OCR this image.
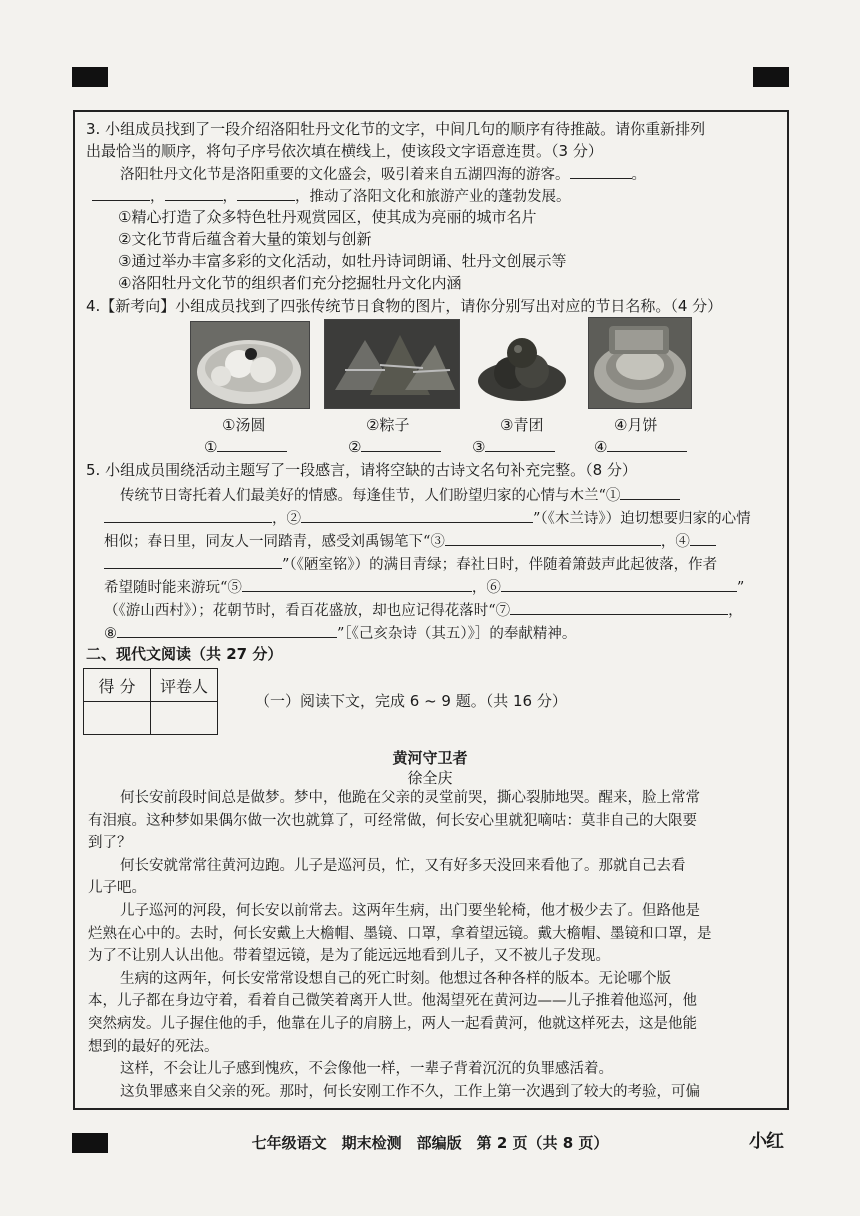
3. 小组成员找到了一段介绍洛阳牡丹文化节的文字，中间几句的顺序有待推敲。请你重新排列
出最恰当的顺序，将句子序号依次填在横线上，使该段文字语意连贯。（3 分）
洛阳牡丹文化节是洛阳重要的文化盛会，吸引着来自五湖四海的游客。	。
，	，	，推动了洛阳文化和旅游产业的蓬勃发展。
①精心打造了众多特色牡丹观赏园区，使其成为亮丽的城市名片
②文化节背后蕴含着大量的策划与创新
③通过举办丰富多彩的文化活动，如牡丹诗词朗诵、牡丹文创展示等
④洛阳牡丹文化节的组织者们充分挖掘牡丹文化内涵
4.【新考向】小组成员找到了四张传统节日食物的图片，请你分别写出对应的节日名称。（4 分）
①汤圆	②粽子	③青团	④月饼
①	②	③	④
5. 小组成员围绕活动主题写了一段感言，请将空缺的古诗文名句补充完整。（8 分）
传统节日寄托着人们最美好的情感。每逢佳节，人们盼望归家的心情与木兰“①
，②	”（《木兰诗》）迫切想要归家的心情
相似；春日里，同友人一同踏青，感受刘禹锡笔下“③	，④
”（《陋室铭》）的满目青绿；春社日时，伴随着箫鼓声此起彼落，作者
希望随时能来游玩“⑤	，⑥	”
（《游山西村》）；花朝节时，看百花盛放，却也应记得花落时“⑦	，
⑧	”［《己亥杂诗（其五）》］的奉献精神。
二、现代文阅读（共 27 分）
得 分	评卷人

（一）阅读下文，完成 6 ~ 9 题。（共 16 分）
黄河守卫者
徐全庆
何长安前段时间总是做梦。梦中，他跪在父亲的灵堂前哭，撕心裂肺地哭。醒来，脸上常常
有泪痕。这种梦如果偶尔做一次也就算了，可经常做，何长安心里就犯嘀咕：莫非自己的大限要
到了？
何长安就常常往黄河边跑。儿子是巡河员，忙，又有好多天没回来看他了。那就自己去看
儿子吧。
儿子巡河的河段，何长安以前常去。这两年生病，出门要坐轮椅，他才极少去了。但路他是
烂熟在心中的。去时，何长安戴上大檐帽、墨镜、口罩，拿着望远镜。戴大檐帽、墨镜和口罩，是
为了不让别人认出他。带着望远镜，是为了能远远地看到儿子，又不被儿子发现。
生病的这两年，何长安常常设想自己的死亡时刻。他想过各种各样的版本。无论哪个版
本，儿子都在身边守着，看着自己微笑着离开人世。他渴望死在黄河边——儿子推着他巡河，他
突然病发。儿子握住他的手，他靠在儿子的肩膀上，两人一起看黄河，他就这样死去，这是他能
想到的最好的死法。
这样，不会让儿子感到愧疚，不会像他一样，一辈子背着沉沉的负罪感活着。
这负罪感来自父亲的死。那时，何长安刚工作不久，工作上第一次遇到了较大的考验，可偏
七年级语文　期末检测　部编版　第 2 页（共 8 页）	小红
